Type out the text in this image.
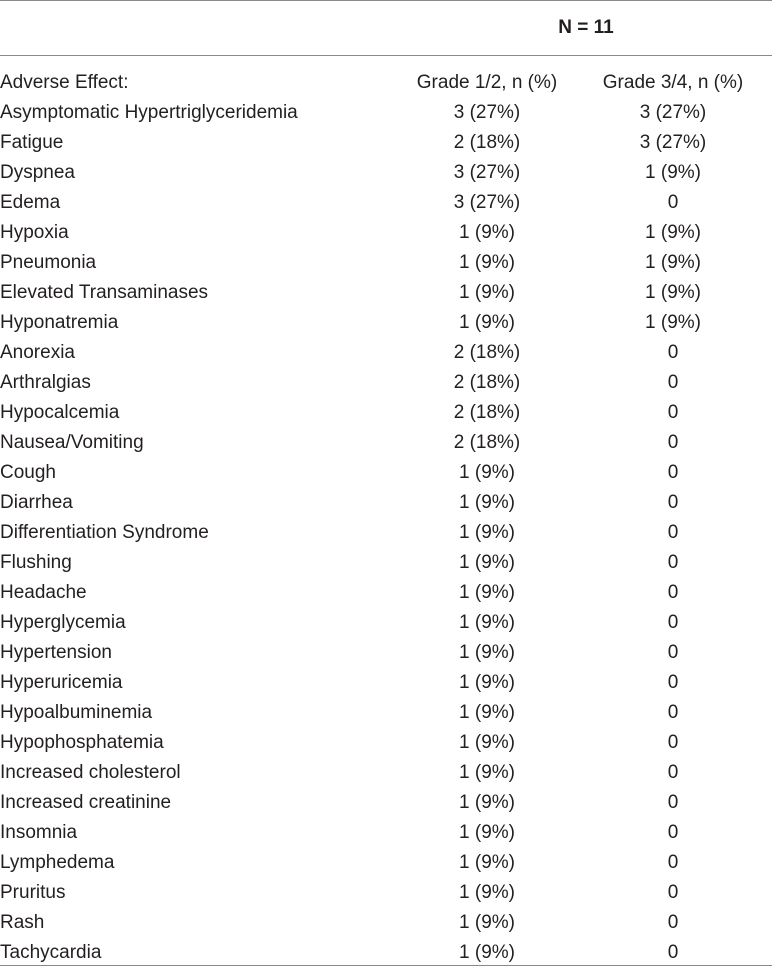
N = 11
Adverse Effect:	Grade 1/2, n (%)	Grade 3/4, n (%)
Asymptomatic Hypertriglyceridemia	3 (27%)	3 (27%)
Fatigue	2 (18%)	3 (27%)
Dyspnea	3 (27%)	1 (9%)
Edema	3 (27%)	0
Hypoxia	1 (9%)	1 (9%)
Pneumonia	1 (9%)	1 (9%)
Elevated Transaminases	1 (9%)	1 (9%)
Hyponatremia	1 (9%)	1 (9%)
Anorexia	2 (18%)	0
Arthralgias	2 (18%)	0
Hypocalcemia	2 (18%)	0
Nausea/Vomiting	2 (18%)	0
Cough	1 (9%)	0
Diarrhea	1 (9%)	0
Differentiation Syndrome	1 (9%)	0
Flushing	1 (9%)	0
Headache	1 (9%)	0
Hyperglycemia	1 (9%)	0
Hypertension	1 (9%)	0
Hyperuricemia	1 (9%)	0
Hypoalbuminemia	1 (9%)	0
Hypophosphatemia	1 (9%)	0
Increased cholesterol	1 (9%)	0
Increased creatinine	1 (9%)	0
Insomnia	1 (9%)	0
Lymphedema	1 (9%)	0
Pruritus	1 (9%)	0
Rash	1 (9%)	0
Tachycardia	1 (9%)	0
